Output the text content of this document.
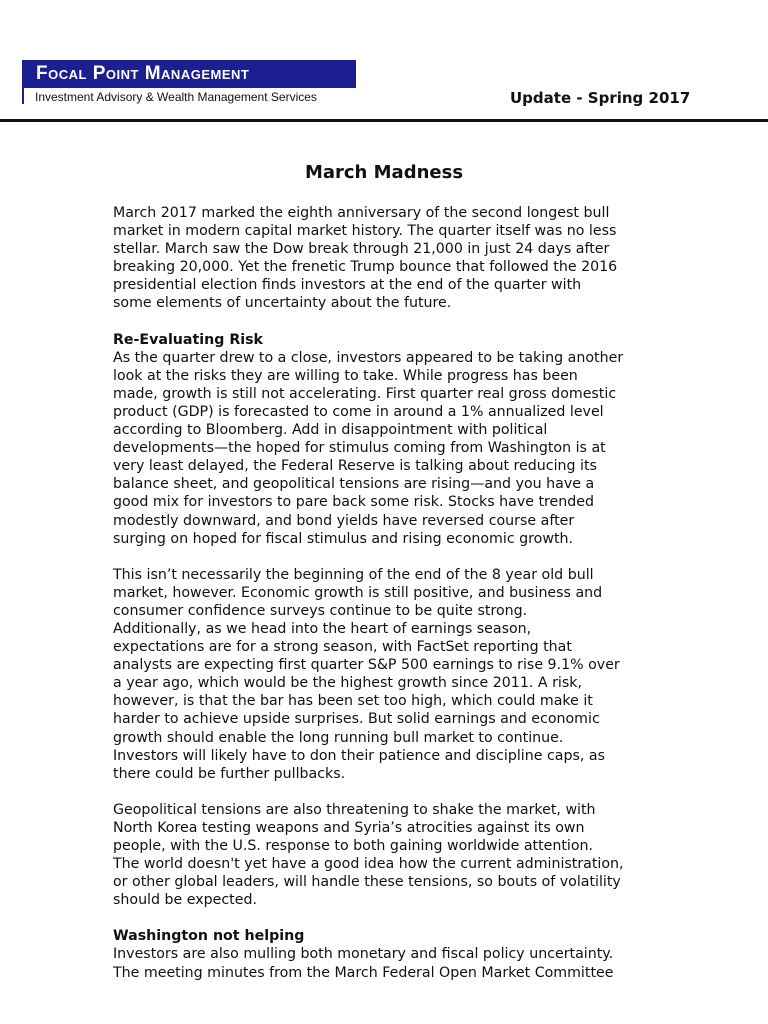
Focal Point Management
Investment Advisory & Wealth Management Services	Update - Spring 2017
March Madness
March 2017 marked the eighth anniversary of the second longest bull
market in modern capital market history. The quarter itself was no less
stellar. March saw the Dow break through 21,000 in just 24 days after
breaking 20,000. Yet the frenetic Trump bounce that followed the 2016
presidential election finds investors at the end of the quarter with
some elements of uncertainty about the future.
Re-Evaluating Risk
As the quarter drew to a close, investors appeared to be taking another
look at the risks they are willing to take. While progress has been
made, growth is still not accelerating. First quarter real gross domestic
product (GDP) is forecasted to come in around a 1% annualized level
according to Bloomberg. Add in disappointment with political
developments—the hoped for stimulus coming from Washington is at
very least delayed, the Federal Reserve is talking about reducing its
balance sheet, and geopolitical tensions are rising—and you have a
good mix for investors to pare back some risk. Stocks have trended
modestly downward, and bond yields have reversed course after
surging on hoped for fiscal stimulus and rising economic growth.
This isn’t necessarily the beginning of the end of the 8 year old bull
market, however. Economic growth is still positive, and business and
consumer confidence surveys continue to be quite strong.
Additionally, as we head into the heart of earnings season,
expectations are for a strong season, with FactSet reporting that
analysts are expecting first quarter S&P 500 earnings to rise 9.1% over
a year ago, which would be the highest growth since 2011. A risk,
however, is that the bar has been set too high, which could make it
harder to achieve upside surprises. But solid earnings and economic
growth should enable the long running bull market to continue.
Investors will likely have to don their patience and discipline caps, as
there could be further pullbacks.
Geopolitical tensions are also threatening to shake the market, with
North Korea testing weapons and Syria’s atrocities against its own
people, with the U.S. response to both gaining worldwide attention.
The world doesn't yet have a good idea how the current administration,
or other global leaders, will handle these tensions, so bouts of volatility
should be expected.
Washington not helping
Investors are also mulling both monetary and fiscal policy uncertainty.
The meeting minutes from the March Federal Open Market Committee
